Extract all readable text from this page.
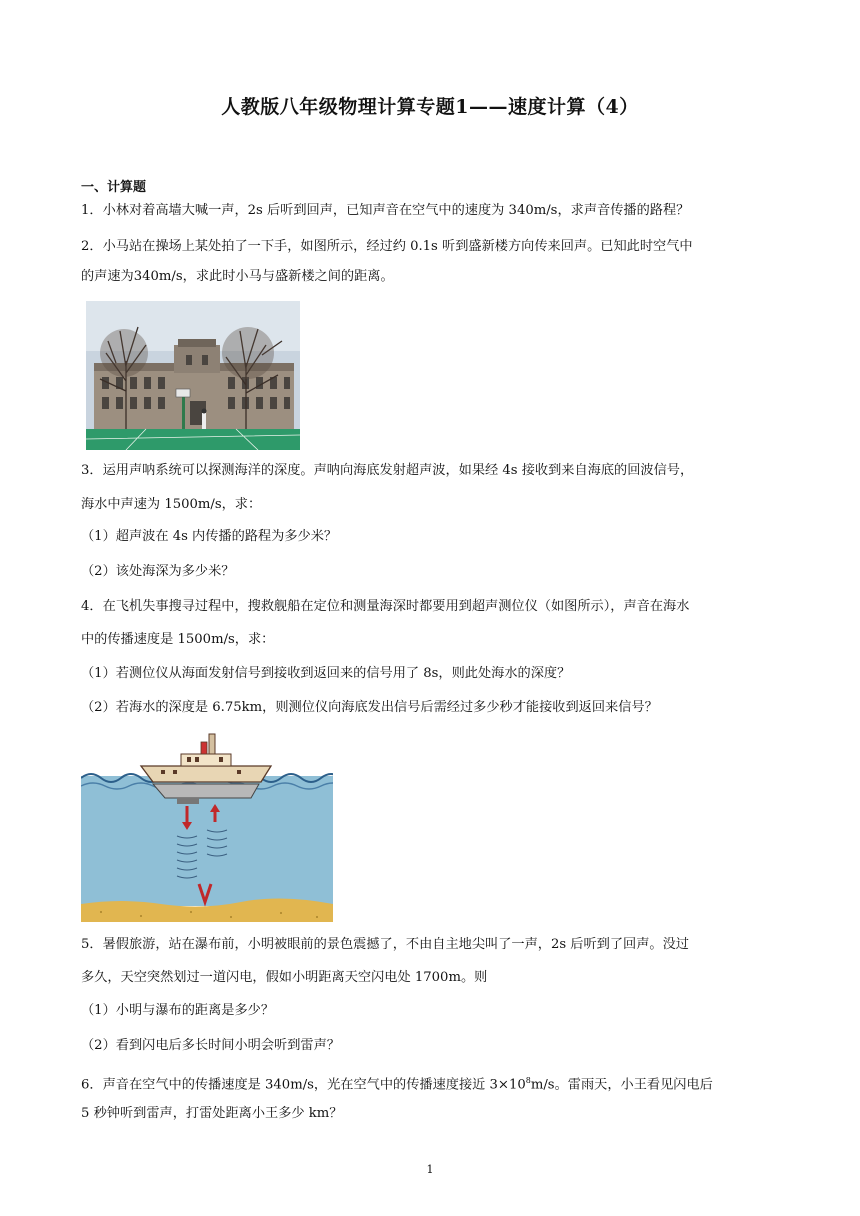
人教版八年级物理计算专题1——速度计算（4）
一、计算题
1．小林对着高墙大喊一声，2s 后听到回声，已知声音在空气中的速度为 340m/s，求声音传播的路程？
2．小马站在操场上某处拍了一下手，如图所示，经过约 0.1s 听到盛新楼方向传来回声。已知此时空气中
的声速为340m/s，求此时小马与盛新楼之间的距离。
3．运用声呐系统可以探测海洋的深度。声呐向海底发射超声波，如果经 4s 接收到来自海底的回波信号，
海水中声速为 1500m/s，求：
（1）超声波在 4s 内传播的路程为多少米？
（2）该处海深为多少米？
4．在飞机失事搜寻过程中，搜救舰船在定位和测量海深时都要用到超声测位仪（如图所示），声音在海水
中的传播速度是 1500m/s，求：
（1）若测位仪从海面发射信号到接收到返回来的信号用了 8s，则此处海水的深度？
（2）若海水的深度是 6.75km，则测位仪向海底发出信号后需经过多少秒才能接收到返回来信号？
5．暑假旅游，站在瀑布前，小明被眼前的景色震撼了，不由自主地尖叫了一声，2s 后听到了回声。没过
多久，天空突然划过一道闪电，假如小明距离天空闪电处 1700m。则
（1）小明与瀑布的距离是多少？
（2）看到闪电后多长时间小明会听到雷声？
6．声音在空气中的传播速度是 340m/s，光在空气中的传播速度接近 $3\times 10^8m/s$。雷雨天，小王看见闪电后
5 秒钟听到雷声，打雷处距离小王多少 km？
1
